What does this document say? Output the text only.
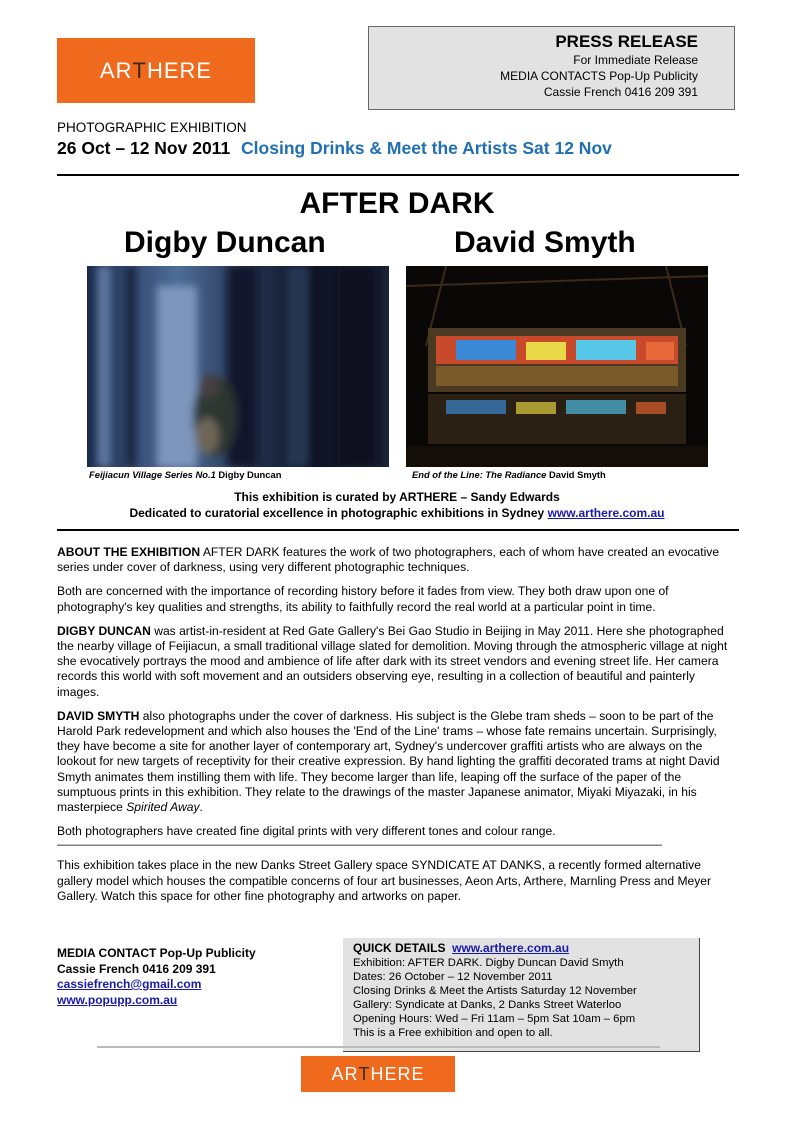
AR T HERE
PRESS RELEASE
For Immediate Release
MEDIA CONTACTS Pop-Up Publicity
Cassie French 0416 209 391
PHOTOGRAPHIC EXHIBITION
26 Oct – 12 Nov 2011 Closing Drinks & Meet the Artists Sat 12 Nov
AFTER DARK
Digby Duncan	David Smyth
Feijiacun Village Series No.1 Digby Duncan	End of the Line: The Radiance David Smyth
This exhibition is curated by ARTHERE – Sandy Edwards
Dedicated to curatorial excellence in photographic exhibitions in Sydney www.arthere.com.au

ABOUT THE EXHIBITION AFTER DARK features the work of two photographers, each of whom have created an evocative series under cover of darkness, using very different photographic techniques.

Both are concerned with the importance of recording history before it fades from view. They both draw upon one of photography's key qualities and strengths, its ability to faithfully record the real world at a particular point in time.

DIGBY DUNCAN was artist-in-resident at Red Gate Gallery's Bei Gao Studio in Beijing in May 2011. Here she photographed the nearby village of Feijiacun, a small traditional village slated for demolition. Moving through the atmospheric village at night she evocatively portrays the mood and ambience of life after dark with its street vendors and evening street life. Her camera records this world with soft movement and an outsiders observing eye, resulting in a collection of beautiful and painterly images.

DAVID SMYTH also photographs under the cover of darkness. His subject is the Glebe tram sheds – soon to be part of the Harold Park redevelopment and which also houses the 'End of the Line' trams – whose fate remains uncertain. Surprisingly, they have become a site for another layer of contemporary art, Sydney's undercover graffiti artists who are always on the lookout for new targets of receptivity for their creative expression. By hand lighting the graffiti decorated trams at night David Smyth animates them instilling them with life. They become larger than life, leaping off the surface of the paper of the sumptuous prints in this exhibition. They relate to the drawings of the master Japanese animator, Miyaki Miyazaki, in his masterpiece Spirited Away.

Both photographers have created fine digital prints with very different tones and colour range.

———————————————————————————————————————————————————————

This exhibition takes place in the new Danks Street Gallery space SYNDICATE AT DANKS, a recently formed alternative gallery model which houses the compatible concerns of four art businesses, Aeon Arts, Arthere, Marnling Press and Meyer Gallery. Watch this space for other fine photography and artworks on paper.

MEDIA CONTACT Pop-Up Publicity
Cassie French 0416 209 391
cassiefrench@gmail.com
www.popupp.com.au
QUICK DETAILS www.arthere.com.au
Exhibition: AFTER DARK. Digby Duncan David Smyth
Dates: 26 October – 12 November 2011
Closing Drinks & Meet the Artists Saturday 12 November
Gallery: Syndicate at Danks, 2 Danks Street Waterloo
Opening Hours: Wed – Fri 11am – 5pm Sat 10am – 6pm
This is a Free exhibition and open to all.
AR T HERE
